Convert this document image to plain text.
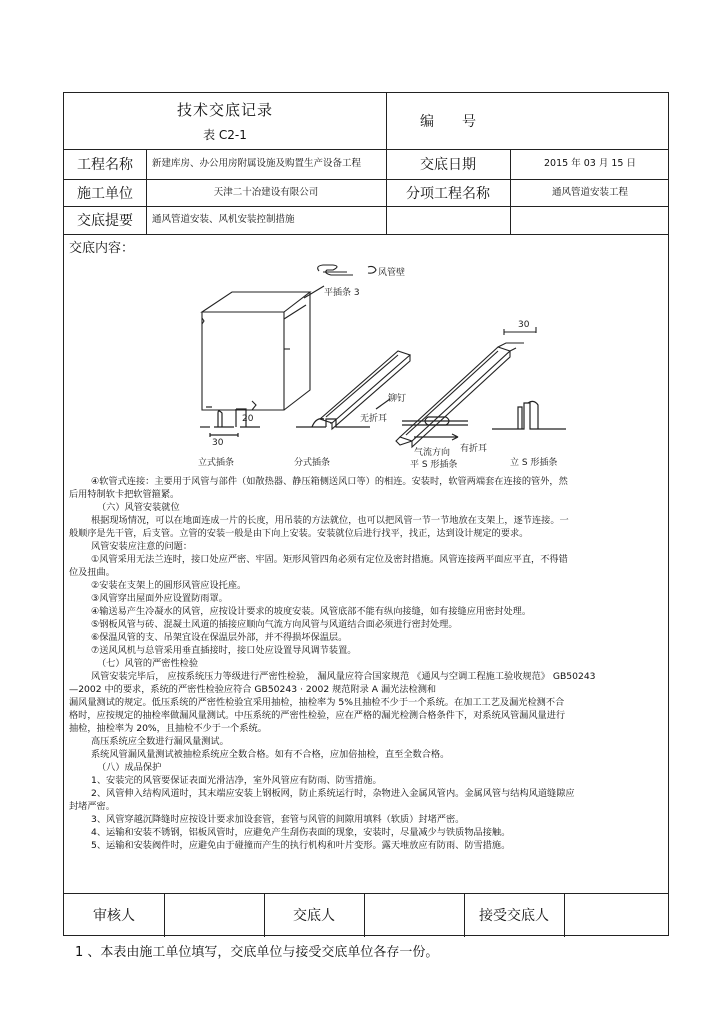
技术交底记录
表 C2-1
编　　号
工程名称	新建库房、办公用房附属设施及购置生产设备工程	交底日期	2015 年 03 月 15 日
施工单位	天津二十冶建设有限公司	分项工程名称	通风管道安装工程
交底提要	通风管道安装、风机安装控制措施
交底内容：
风管壁
平插条 3
无折耳
有折耳
30
30
20
铆钉
立式插条	分式插条
气流方向
平 S 形插条	立 S 形插条

④软管式连接：主要用于风管与部件（如散热器、静压箱侧送风口等）的相连。安装时，软管两端套在连接的管外，然

后用特制软卡把软管箍紧。

（六）风管安装就位

根据现场情况，可以在地面连成一片的长度，用吊装的方法就位，也可以把风管一节一节地放在支架上，逐节连接。一

般顺序是先干管，后支管。立管的安装一般是由下向上安装。安装就位后进行找平，找正，达到设计规定的要求。

风管安装应注意的问题：

①风管采用无法兰连时，接口处应严密、牢固。矩形风管四角必须有定位及密封措施。风管连接两平面应平直，不得错

位及扭曲。

②安装在支架上的圆形风管应设托座。

③风管穿出屋面外应设置防雨罩。

④输送易产生冷凝水的风管，应按设计要求的坡度安装。风管底部不能有纵向接缝，如有接缝应用密封处理。

⑤钢板风管与砖、混凝土风道的插接应顺向气流方向风管与风道结合面必须进行密封处理。

⑥保温风管的支、吊架宜设在保温层外部，并不得损坏保温层。

⑦送风风机与总管采用垂直插接时，接口处应设置导风调节装置。

（七）风管的严密性检验

风管安装完毕后， 应按系统压力等级进行严密性检验， 漏风量应符合国家规范 《通风与空调工程施工验收规范》 GB50243

—2002 中的要求，系统的严密性检验应符合 GB50243 · 2002 规范附录 A 漏光法检测和

漏风量测试的规定。低压系统的严密性检验宜采用抽检，抽检率为 5%且抽检不少于一个系统。在加工工艺及漏光检测不合

格时，应按规定的抽检率做漏风量测试。中压系统的严密性检验，应在严格的漏光检测合格条件下，对系统风管漏风量进行

抽检，抽检率为 20%，且抽检不少于一个系统。

高压系统应全数进行漏风量测试。

系统风管漏风量测试被抽检系统应全数合格。如有不合格，应加倍抽检，直至全数合格。

（八）成品保护

1、安装完的风管要保证表面光滑洁净，室外风管应有防雨、防雪措施。

2、风管伸入结构风道时，其末端应安装上钢板网，防止系统运行时，杂物进入金属风管内。金属风管与结构风道缝隙应

封堵严密。

3、风管穿越沉降缝时应按设计要求加设套管，套管与风管的间隙用填料（软质）封堵严密。

4、运输和安装不锈钢，铝板风管时，应避免产生刮伤表面的现象，安装时，尽量减少与铁质物品接触。

5、运输和安装阀件时，应避免由于碰撞而产生的执行机构和叶片变形。露天堆放应有防雨、防雪措施。

审核人	交底人	接受交底人
1 、本表由施工单位填写，交底单位与接受交底单位各存一份。
